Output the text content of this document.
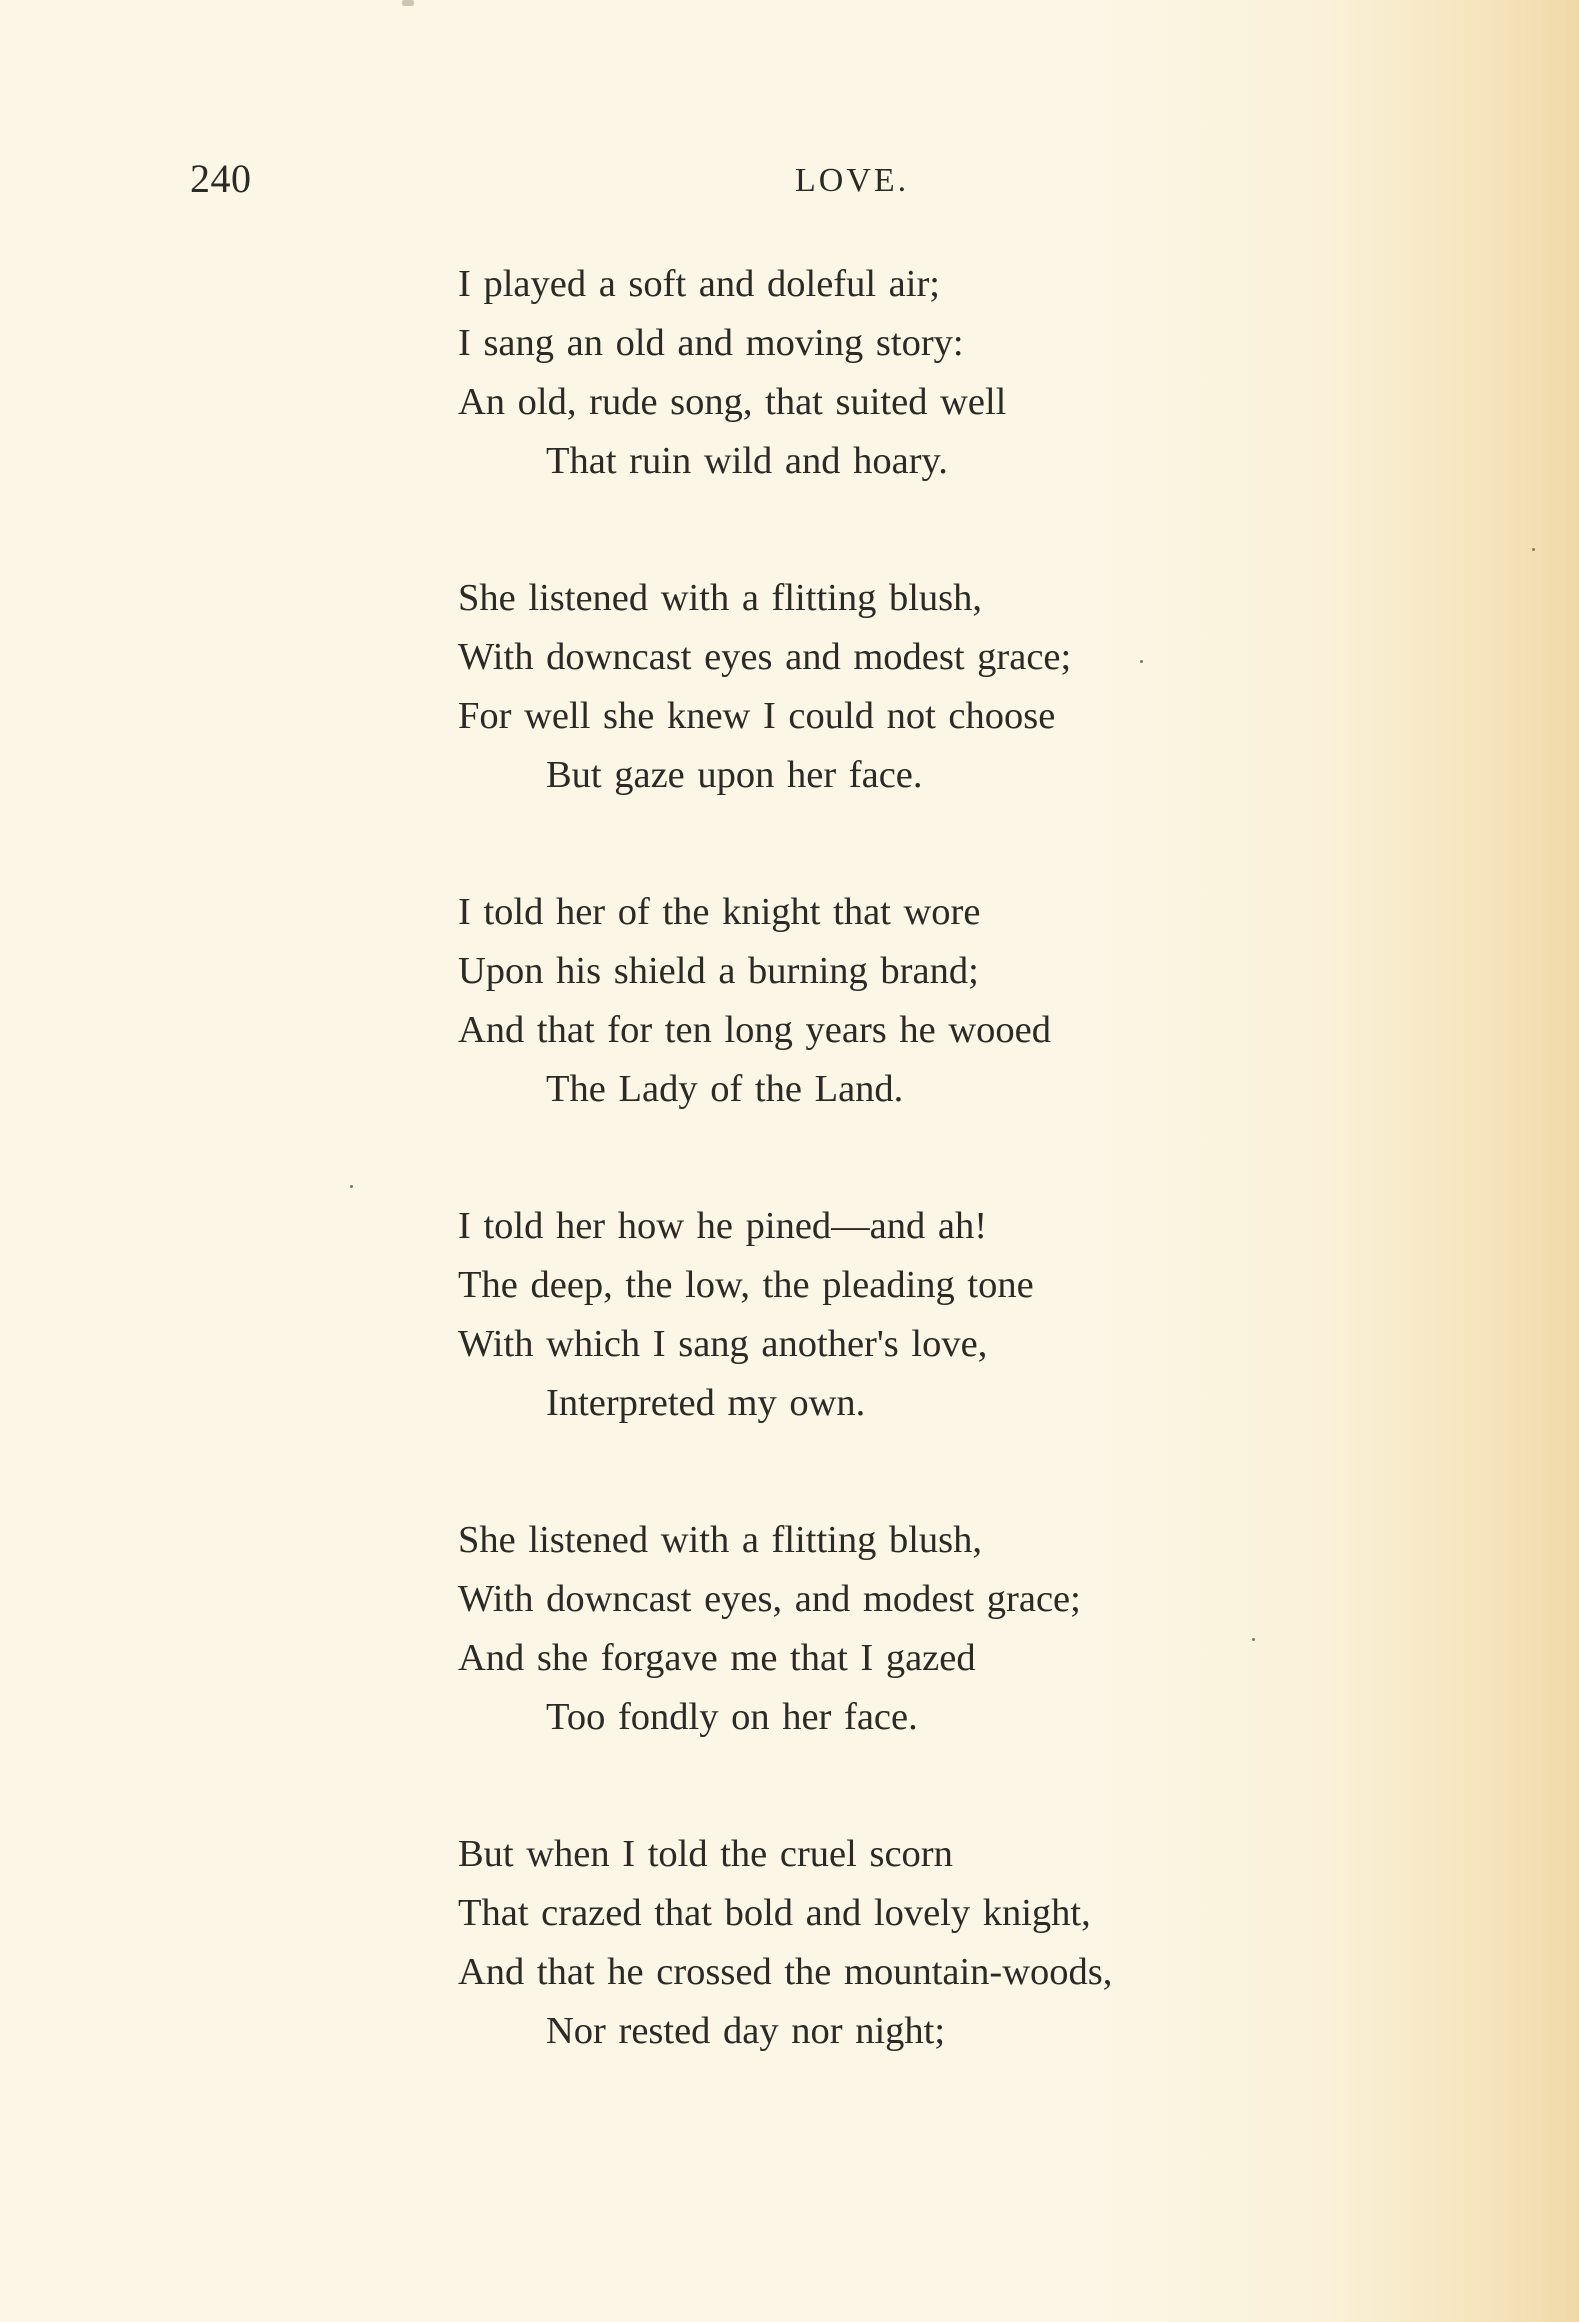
240	LOVE.
I played a soft and doleful air;
I sang an old and moving story:
An old, rude song, that suited well
That ruin wild and hoary.
She listened with a flitting blush,
With downcast eyes and modest grace;
For well she knew I could not choose
But gaze upon her face.
I told her of the knight that wore
Upon his shield a burning brand;
And that for ten long years he wooed
The Lady of the Land.
I told her how he pined—and ah!
The deep, the low, the pleading tone
With which I sang another's love,
Interpreted my own.
She listened with a flitting blush,
With downcast eyes, and modest grace;
And she forgave me that I gazed
Too fondly on her face.
But when I told the cruel scorn
That crazed that bold and lovely knight,
And that he crossed the mountain-woods,
Nor rested day nor night;
